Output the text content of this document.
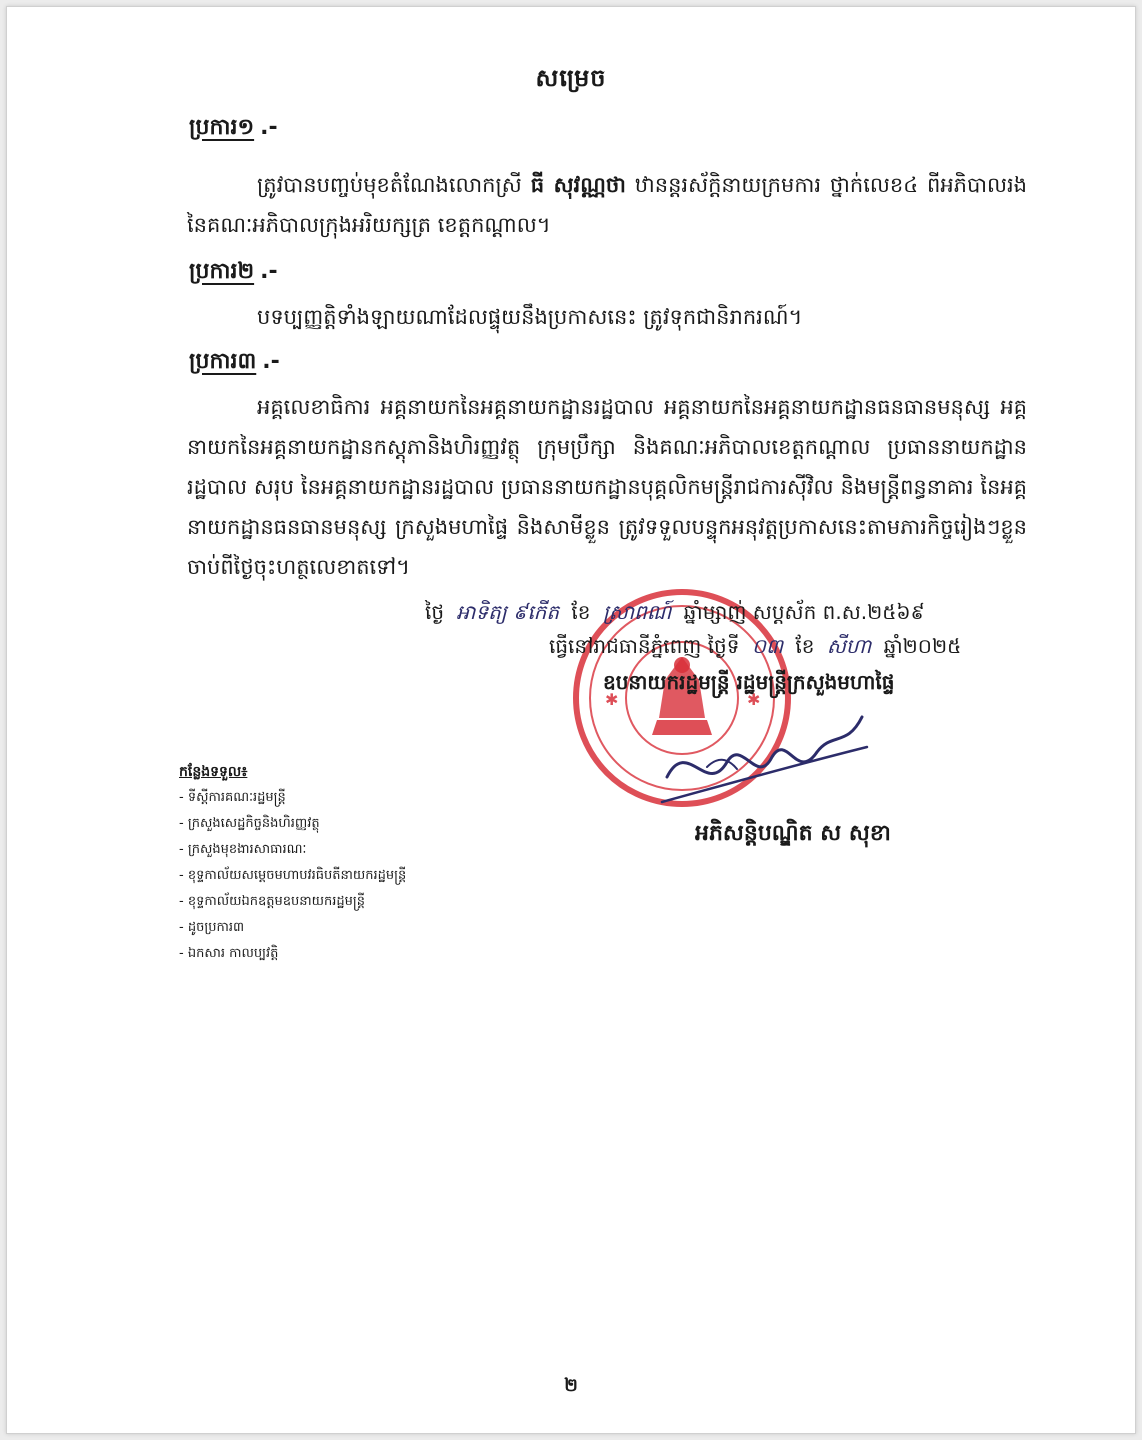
សម្រេច
ប្រការ១ .-
ត្រូវបានបញ្ចប់មុខតំណែងលោកស្រី ធី សុវណ្ណថា ឋានន្តរស័ក្តិនាយក្រមការ ថ្នាក់លេខ៤ ពីអភិបាលរង នៃគណៈអភិបាលក្រុងអរិយក្សត្រ ខេត្តកណ្ដាល។
ប្រការ២ .-
បទប្បញ្ញត្តិទាំងឡាយណាដែលផ្ទុយនឹងប្រកាសនេះ ត្រូវទុកជានិរាករណ៍។
ប្រការ៣ .-
អគ្គលេខាធិការ អគ្គនាយកនៃអគ្គនាយកដ្ឋានរដ្ឋបាល អគ្គនាយកនៃអគ្គនាយកដ្ឋានធនធានមនុស្ស អគ្គនាយកនៃអគ្គនាយកដ្ឋានកស្តុភានិងហិរញ្ញវត្ថុ ក្រុមប្រឹក្សា និងគណៈអភិបាលខេត្តកណ្ដាល ប្រធាននាយកដ្ឋានរដ្ឋបាល សរុប នៃអគ្គនាយកដ្ឋានរដ្ឋបាល ប្រធាននាយកដ្ឋានបុគ្គលិកមន្ត្រីរាជការស៊ីវិល និងមន្ត្រីពន្ធនាគារ នៃអគ្គនាយកដ្ឋានធនធានមនុស្ស ក្រសួងមហាផ្ទៃ និងសាមីខ្លួន ត្រូវទទួលបន្ទុកអនុវត្តប្រកាសនេះតាមភារកិច្ចរៀងៗខ្លួន ចាប់ពីថ្ងៃចុះហត្ថលេខាតទៅ។
✱	✱
ថ្ងៃ អាទិត្យ ៩កើត ខែ ស្រាពណ៍ ឆ្នាំម្សាញ់ សប្តស័ក ព.ស.២៥៦៩
ធ្វើនៅរាជធានីភ្នំពេញ ថ្ងៃទី ០៣ ខែ សីហា ឆ្នាំ២០២៥
ឧបនាយករដ្ឋមន្ត្រី រដ្ឋមន្ត្រីក្រសួងមហាផ្ទៃ
អភិសន្តិបណ្ឌិត ស សុខា
កន្លែងទទួល៖
- ទីស្តីការគណៈរដ្ឋមន្ត្រី
- ក្រសួងសេដ្ឋកិច្ចនិងហិរញ្ញវត្ថុ
- ក្រសួងមុខងារសាធារណៈ
- ខុទ្ទកាល័យសម្តេចមហាបវរធិបតីនាយករដ្ឋមន្ត្រី
- ខុទ្ទកាល័យឯកឧត្តមឧបនាយករដ្ឋមន្ត្រី
- ដូចប្រការ៣
- ឯកសារ កាលប្បវត្តិ
២
